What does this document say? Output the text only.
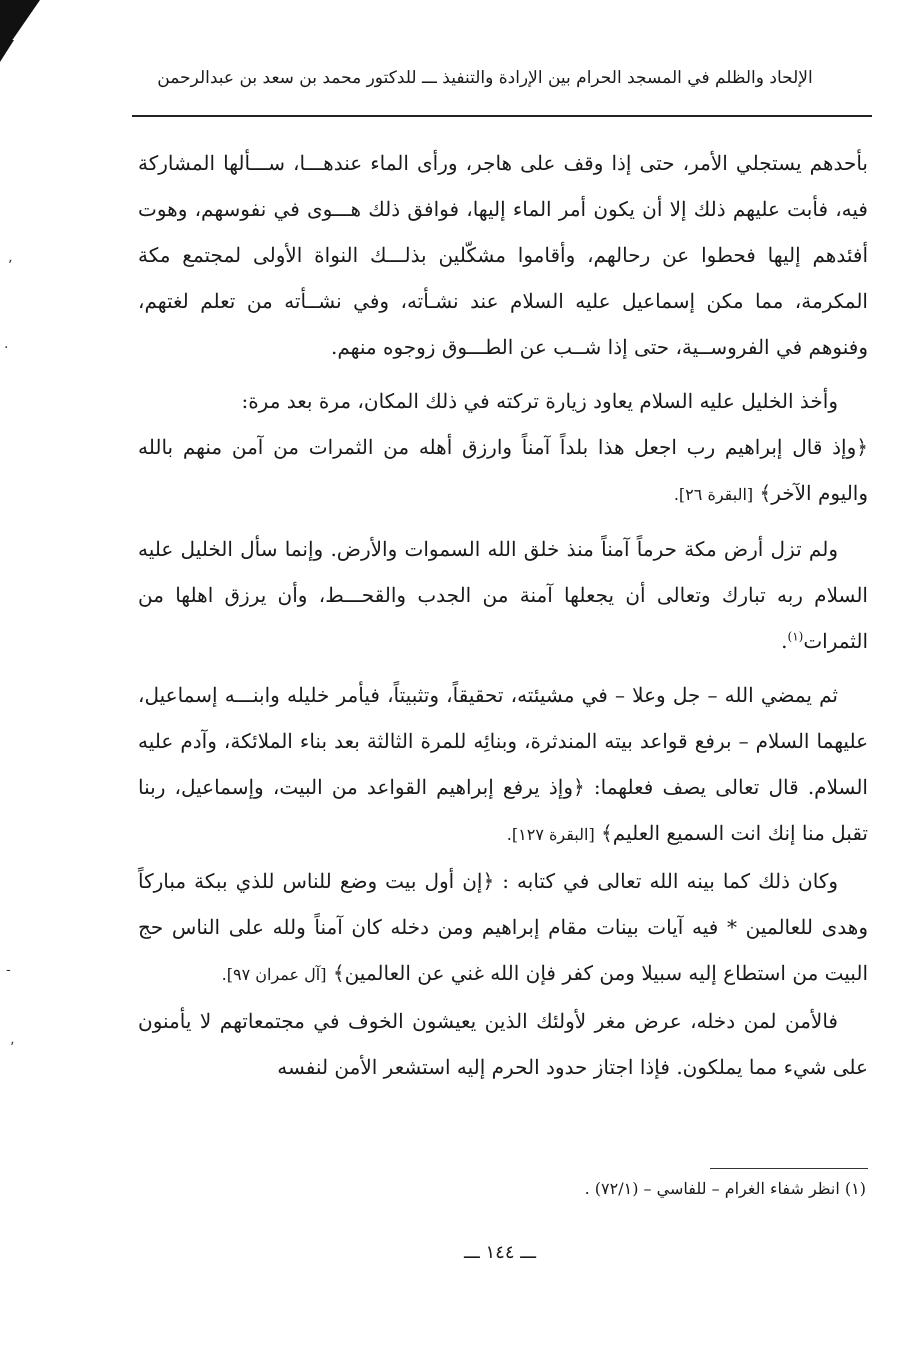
٬
·
-
٬
الإلحاد والظلم في المسجد الحرام بين الإرادة والتنفيذ ـــ للدكتور محمد بن سعد بن عبدالرحمن

بأحدهم يستجلي الأمر، حتى إذا وقف على هاجر، ورأى الماء عندهـــا، ســـألها المشاركة فيه، فأبت عليهم ذلك إلا أن يكون أمر الماء إليها، فوافق ذلك هـــوى في نفوسهم، وهوت أفئدهم إليها فحطوا عن رحالهم، وأقاموا مشكّلين بذلـــك النواة الأولى لمجتمع مكة المكرمة، مما مكن إسماعيل عليه السلام عند نشـأته، وفي نشــأته من تعلم لغتهم، وفنوهم في الفروســية، حتى إذا شــب عن الطـــوق زوجوه منهم.

وأخذ الخليل عليه السلام يعاود زيارة تركته في ذلك المكان، مرة بعد مرة:

﴿وإذ قال إبراهيم رب اجعل هذا بلداً آمناً وارزق أهله من الثمرات من آمن منهم بالله واليوم الآخر﴾ [البقرة ٢٦].

ولم تزل أرض مكة حرماً آمناً منذ خلق الله السموات والأرض. وإنما سأل الخليل عليه السلام ربه تبارك وتعالى أن يجعلها آمنة من الجدب والقحـــط، وأن يرزق اهلها من الثمرات$^{(١)}$.

ثم يمضي الله – جل وعلا – في مشيئته، تحقيقاً، وتثبيتاً، فيأمر خليله وابنـــه إسماعيل، عليهما السلام – برفع قواعد بيته المندثرة، وبنائِه للمرة الثالثة بعد بناء الملائكة، وآدم عليه السلام. قال تعالى يصف فعلهما: ﴿وإذ يرفع إبراهيم القواعد من البيت، وإسماعيل، ربنا تقبل منا إنك انت السميع العليم﴾ [البقرة ١٢٧].

وكان ذلك كما بينه الله تعالى في كتابه : ﴿إن أول بيت وضع للناس للذي ببكة مباركاً وهدى للعالمين * فيه آيات بينات مقام إبراهيم ومن دخله كان آمناً ولله على الناس حج البيت من استطاع إليه سبيلا ومن كفر فإن الله غني عن العالمين﴾ [آل عمران ٩٧].

فالأمن لمن دخله، عرض مغر لأولئك الذين يعيشون الخوف في مجتمعاتهم لا يأمنون على شيء مما يملكون. فإذا اجتاز حدود الحرم إليه استشعر الأمن لنفسه

(١) انظر شفاء الغرام – للفاسي – (٧٢/١) .
ـــ ١٤٤ ـــ
